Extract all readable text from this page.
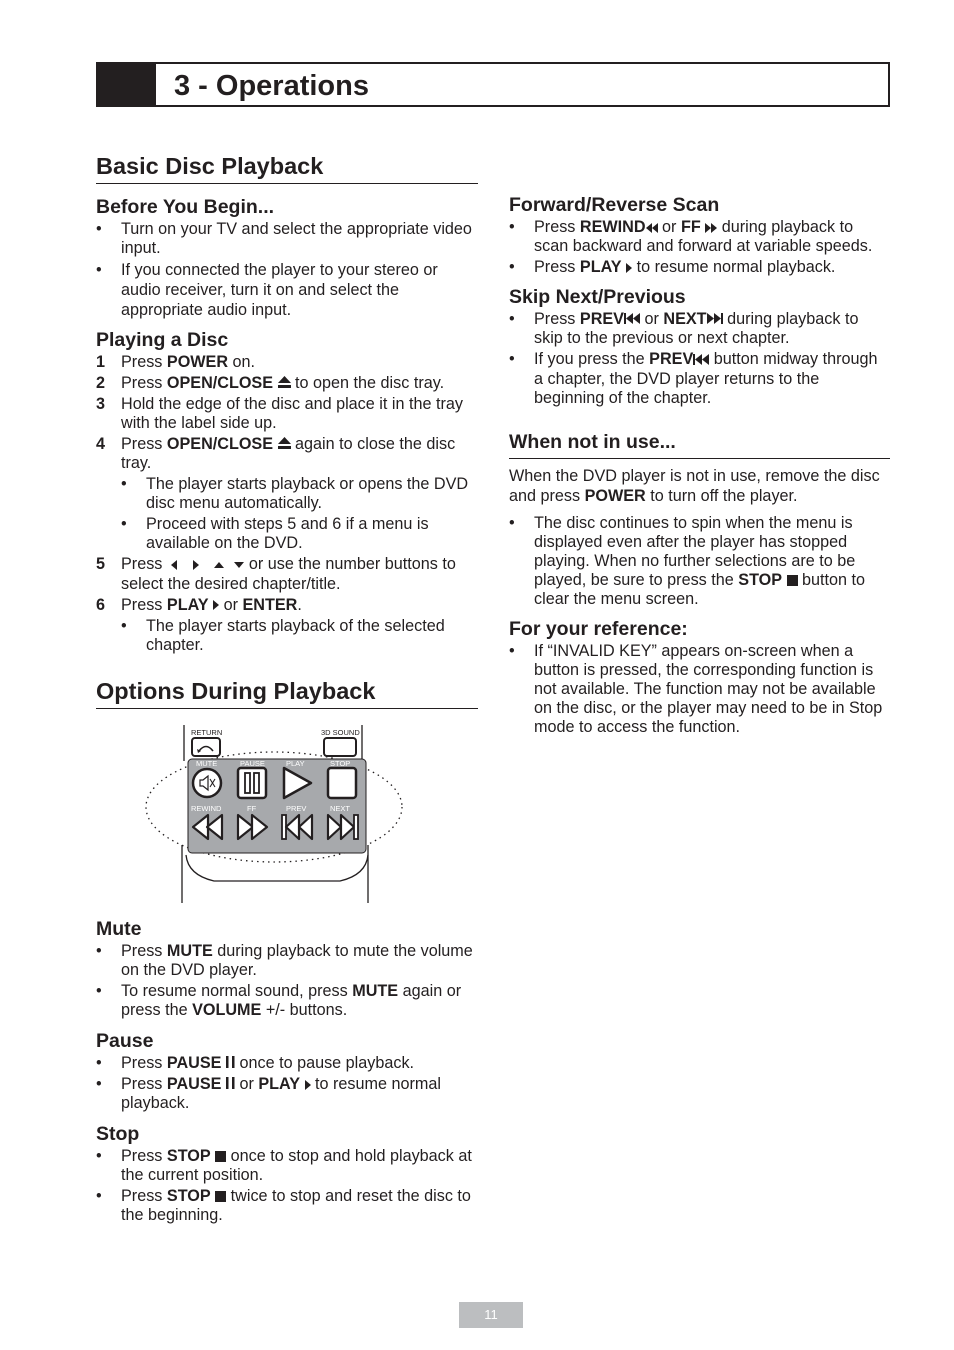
3 - Operations
Basic Disc Playback
Before You Begin...
• Turn on your TV and select the appropriate video input.
• If you connected the player to your stereo or audio receiver, turn it on and select the appropriate audio input.
Playing a Disc
1 Press POWER on.
2 Press OPEN/CLOSE  to open the disc tray.
3 Hold the edge of the disc and place it in the tray with the label side up.
4 Press OPEN/CLOSE  again to close the disc tray.
• The player starts playback or opens the DVD disc menu automatically.
• Proceed with steps 5 and 6 if a menu is available on the DVD.
5 Press	or use the number buttons to select the desired chapter/title.
6 Press PLAY  or ENTER.
• The player starts playback of the selected chapter.
Options During Playback
RETURN	3D SOUND
MUTE	PAUSE	PLAY	STOP
REWIND	FF	PREV	NEXT
Mute
• Press MUTE during playback to mute the volume on the DVD player.
• To resume normal sound, press MUTE again or press the VOLUME +/- buttons.
Pause
• Press PAUSE  once to pause playback.
• Press PAUSE  or PLAY  to resume normal playback.
Stop
• Press STOP  once to stop and hold playback at the current position.
• Press STOP  twice to stop and reset the disc to the beginning.
Forward/Reverse Scan
• Press REWIND or FF  during playback to scan backward and forward at variable speeds.
• Press PLAY  to resume normal playback.
Skip Next/Previous
• Press PREV or NEXT during playback to skip to the previous or next chapter.
• If you press the PREV button midway through a chapter, the DVD player returns to the beginning of the chapter.
When not in use...
When the DVD player is not in use, remove the disc and press POWER to turn off the player.
• The disc continues to spin when the menu is displayed even after the player has stopped playing. When no further selections are to be played, be sure to press the STOP  button to clear the menu screen.
For your reference:
• If “INVALID KEY” appears on-screen when a button is pressed, the corresponding function is not available. The function may not be available on the disc, or the player may need to be in Stop mode to access the function.
11
